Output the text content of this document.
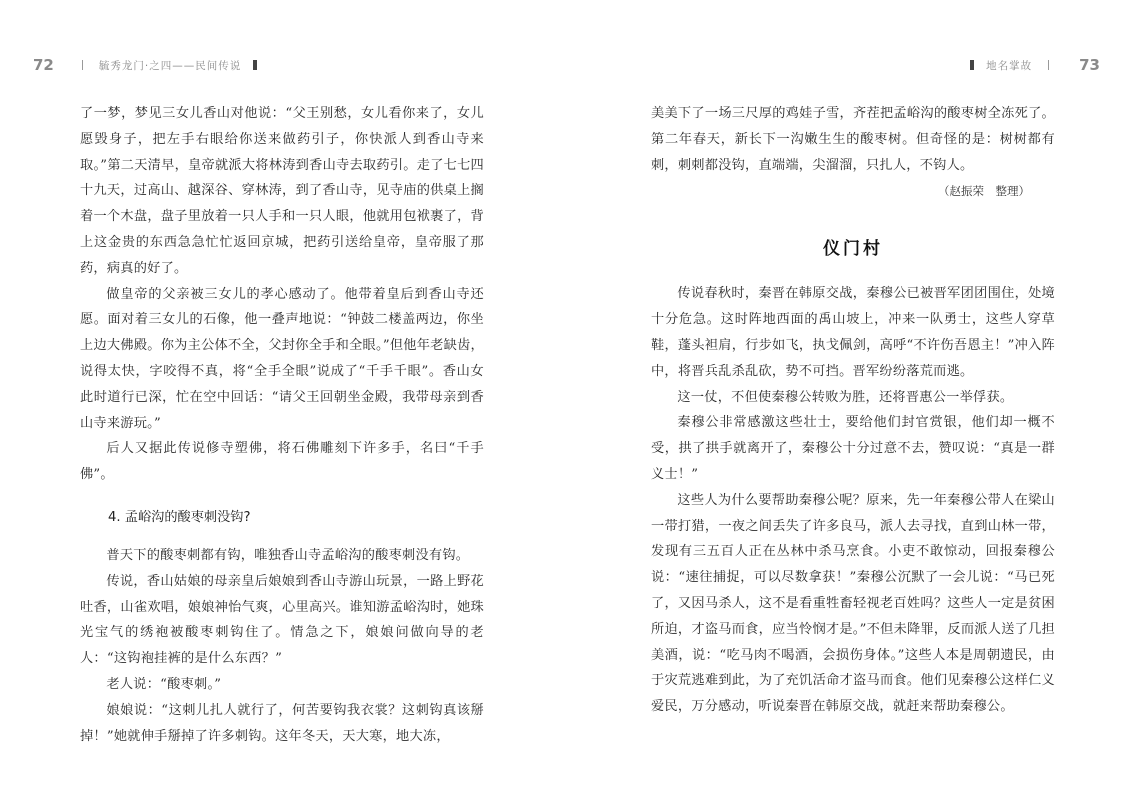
72	毓秀龙门·之四——民间传说

了一梦，梦见三女儿香山对他说：“父王别愁，女儿看你来了，女儿愿毁身子，把左手右眼给你送来做药引子，你快派人到香山寺来取。”第二天清早，皇帝就派大将林涛到香山寺去取药引。走了七七四十九天，过高山、越深谷、穿林涛，到了香山寺，见寺庙的供桌上搁着一个木盘，盘子里放着一只人手和一只人眼，他就用包袱裹了，背上这金贵的东西急急忙忙返回京城，把药引送给皇帝，皇帝服了那药，病真的好了。

做皇帝的父亲被三女儿的孝心感动了。他带着皇后到香山寺还愿。面对着三女儿的石像，他一叠声地说：“钟鼓二楼盖两边，你坐上边大佛殿。你为主公体不全，父封你全手和全眼。”但他年老缺齿，说得太快，字咬得不真，将“全手全眼”说成了“千手千眼”。香山女此时道行已深，忙在空中回话：“请父王回朝坐金殿，我带母亲到香山寺来游玩。”

后人又据此传说修寺塑佛，将石佛雕刻下许多手，名曰“千手佛”。

4. 孟峪沟的酸枣刺没钩?

普天下的酸枣刺都有钩，唯独香山寺孟峪沟的酸枣刺没有钩。

传说，香山姑娘的母亲皇后娘娘到香山寺游山玩景，一路上野花吐香，山雀欢唱，娘娘神怡气爽，心里高兴。谁知游孟峪沟时，她珠光宝气的绣袍被酸枣刺钩住了。情急之下，娘娘问做向导的老人：“这钩袍挂裤的是什么东西？”

老人说：“酸枣刺。”

娘娘说：“这刺儿扎人就行了，何苦要钩我衣裳？这刺钩真该掰掉！”她就伸手掰掉了许多刺钩。这年冬天，天大寒，地大冻，

地名掌故	73

美美下了一场三尺厚的鸡娃子雪，齐茬把孟峪沟的酸枣树全冻死了。第二年春天，新长下一沟嫩生生的酸枣树。但奇怪的是：树树都有刺，刺刺都没钩，直端端，尖溜溜，只扎人，不钩人。

（赵振荣　整理）

仪门村

传说春秋时，秦晋在韩原交战，秦穆公已被晋军团团围住，处境十分危急。这时阵地西面的禹山坡上，冲来一队勇士，这些人穿草鞋，蓬头袒肩，行步如飞，执戈佩剑，高呼“不许伤吾恩主！”冲入阵中，将晋兵乱杀乱砍，势不可挡。晋军纷纷落荒而逃。

这一仗，不但使秦穆公转败为胜，还将晋惠公一举俘获。

秦穆公非常感激这些壮士，要给他们封官赏银，他们却一概不受，拱了拱手就离开了，秦穆公十分过意不去，赞叹说：“真是一群义士！”

这些人为什么要帮助秦穆公呢？原来，先一年秦穆公带人在梁山一带打猎，一夜之间丢失了许多良马，派人去寻找，直到山林一带，发现有三五百人正在丛林中杀马烹食。小吏不敢惊动，回报秦穆公说：“速往捕捉，可以尽数拿获！”秦穆公沉默了一会儿说：“马已死了，又因马杀人，这不是看重牲畜轻视老百姓吗？这些人一定是贫困所迫，才盗马而食，应当怜悯才是。”不但未降罪，反而派人送了几担美酒，说：“吃马肉不喝酒，会损伤身体。”这些人本是周朝遗民，由于灾荒逃难到此，为了充饥活命才盗马而食。他们见秦穆公这样仁义爱民，万分感动，听说秦晋在韩原交战，就赶来帮助秦穆公。
